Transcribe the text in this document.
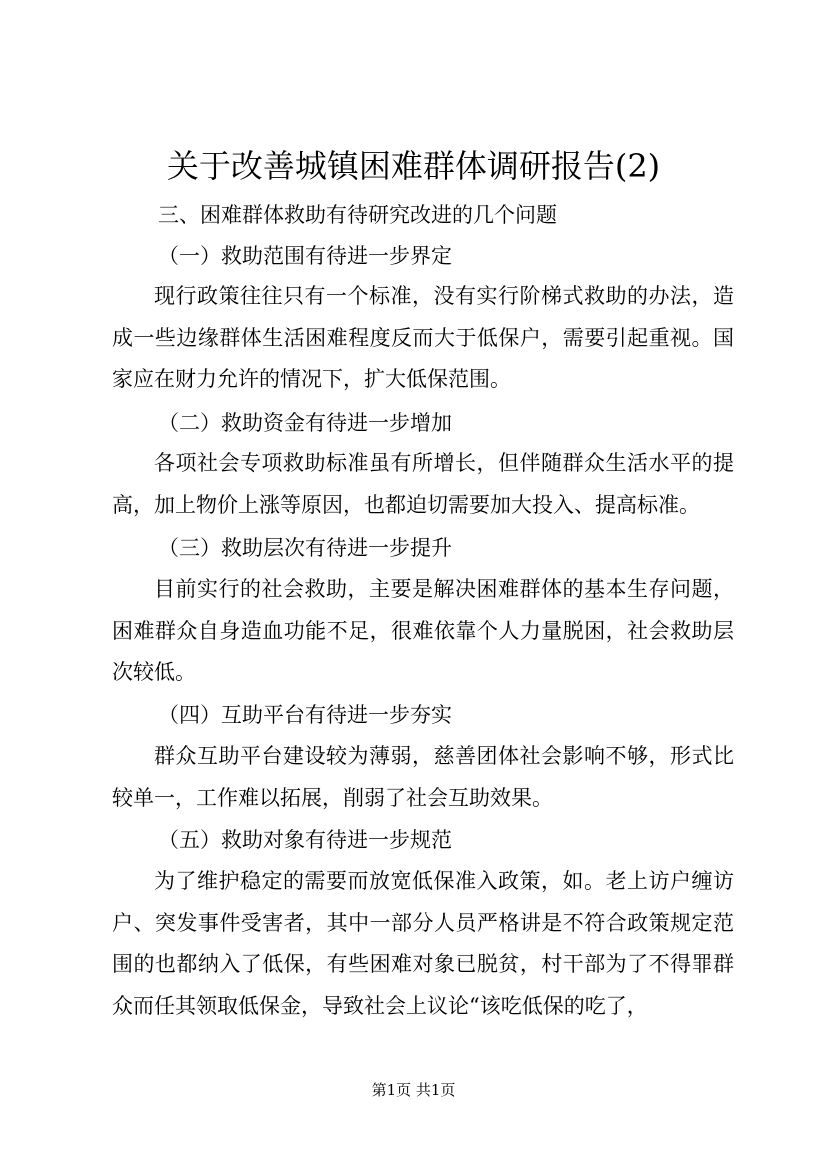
关于改善城镇困难群体调研报告(2)
三、困难群体救助有待研究改进的几个问题
（一）救助范围有待进一步界定

现行政策往往只有一个标准，没有实行阶梯式救助的办法，造成一些边缘群体生活困难程度反而大于低保户，需要引起重视。国家应在财力允许的情况下，扩大低保范围。

（二）救助资金有待进一步增加

各项社会专项救助标准虽有所增长，但伴随群众生活水平的提高，加上物价上涨等原因，也都迫切需要加大投入、提高标准。

（三）救助层次有待进一步提升

目前实行的社会救助，主要是解决困难群体的基本生存问题，困难群众自身造血功能不足，很难依靠个人力量脱困，社会救助层次较低。

（四）互助平台有待进一步夯实

群众互助平台建设较为薄弱，慈善团体社会影响不够，形式比较单一，工作难以拓展，削弱了社会互助效果。

（五）救助对象有待进一步规范

为了维护稳定的需要而放宽低保准入政策，如。老上访户缠访户、突发事件受害者，其中一部分人员严格讲是不符合政策规定范围的也都纳入了低保，有些困难对象已脱贫，村干部为了不得罪群众而任其领取低保金，导致社会上议论“该吃低保的吃了，

第1页 共1页
